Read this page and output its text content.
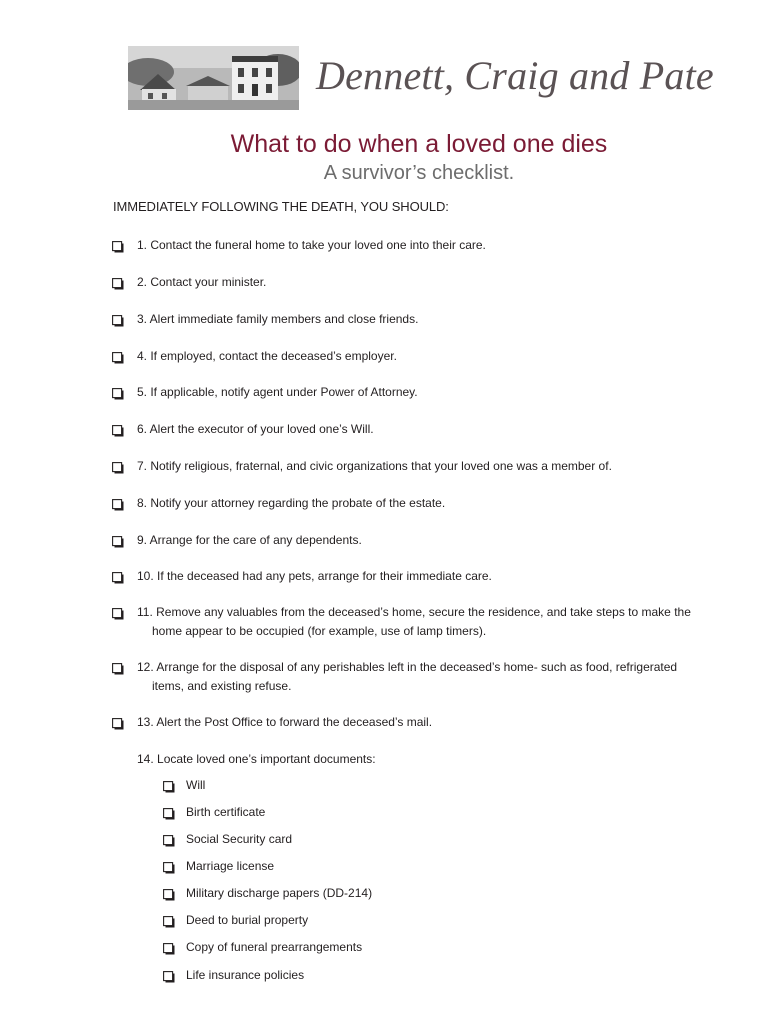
Dennett, Craig and Pate
What to do when a loved one dies
A survivor’s checklist.
IMMEDIATELY FOLLOWING THE DEATH, YOU SHOULD:
1. Contact the funeral home to take your loved one into their care.
2. Contact your minister.
3. Alert immediate family members and close friends.
4. If employed, contact the deceased’s employer.
5. If applicable, notify agent under Power of Attorney.
6. Alert the executor of your loved one’s Will.
7. Notify religious, fraternal, and civic organizations that your loved one was a member of.
8. Notify your attorney regarding the probate of the estate.
9. Arrange for the care of any dependents.
10. If the deceased had any pets, arrange for their immediate care.
11. Remove any valuables from the deceased’s home, secure the residence, and take steps to make the home appear to be occupied (for example, use of lamp timers).
12. Arrange for the disposal of any perishables left in the deceased’s home- such as food, refrigerated items, and existing refuse.
13. Alert the Post Office to forward the deceased’s mail.
14. Locate loved one’s important documents:
Will
Birth certificate
Social Security card
Marriage license
Military discharge papers (DD-214)
Deed to burial property
Copy of funeral prearrangements
Life insurance policies
